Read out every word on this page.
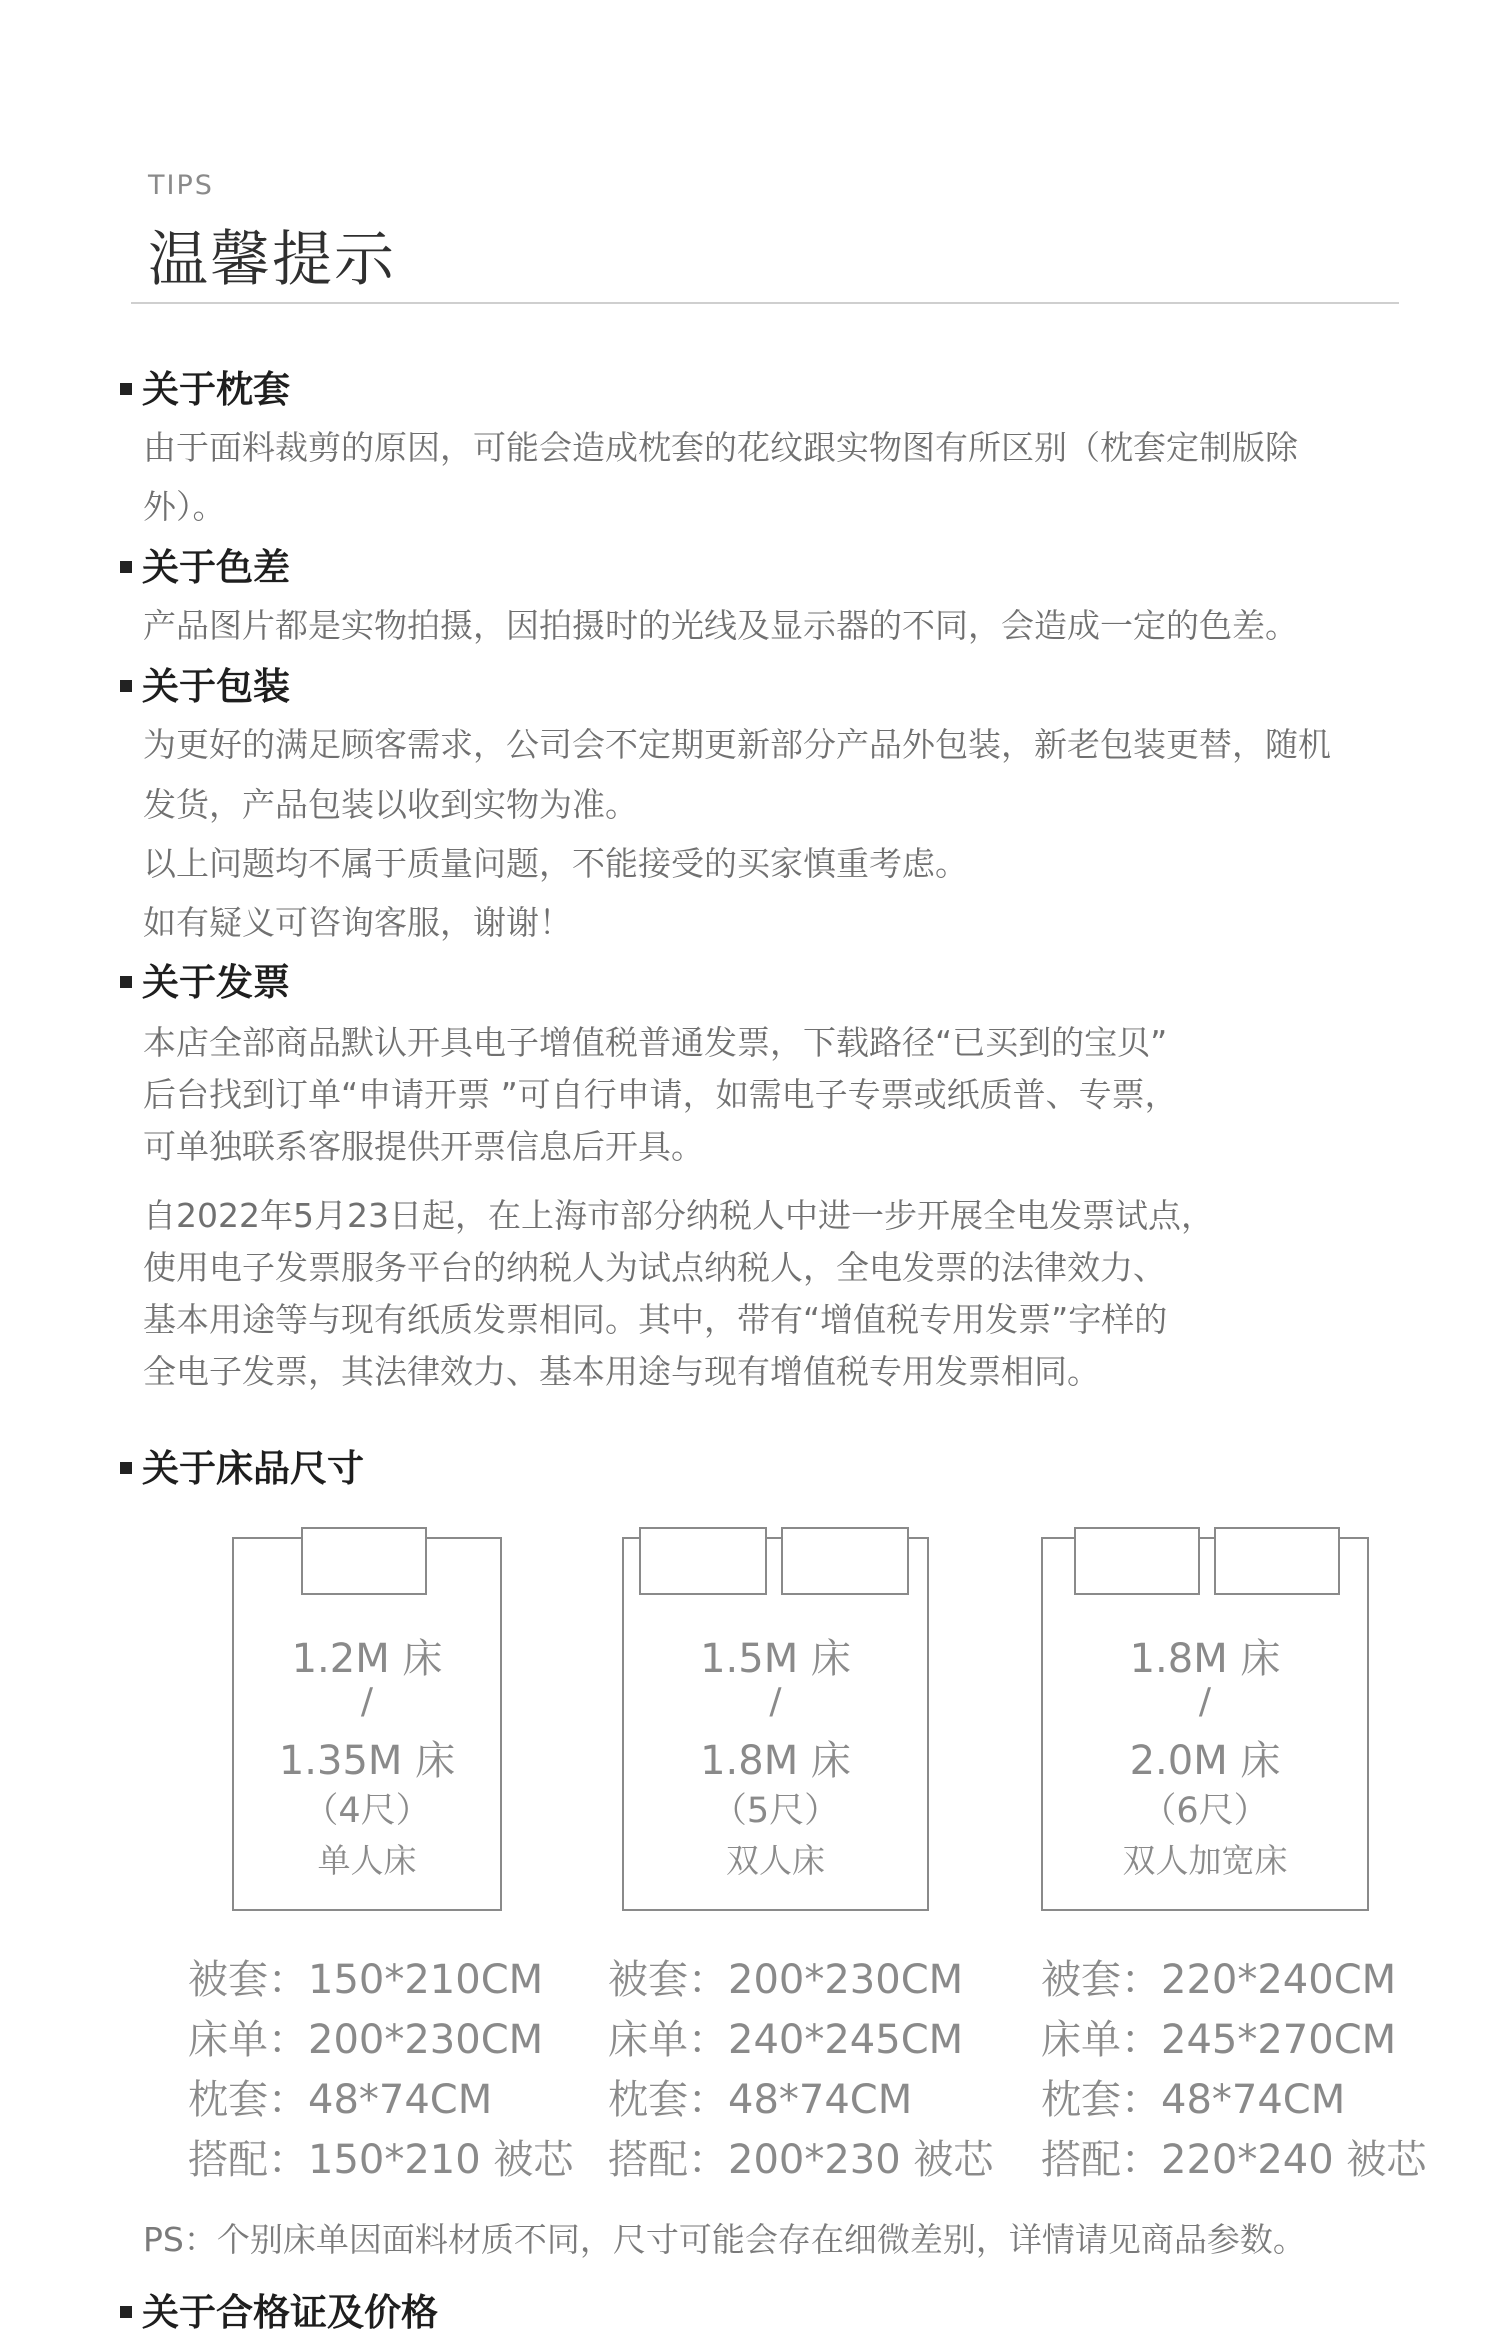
TIPS
温馨提示
关于枕套
由于面料裁剪的原因，可能会造成枕套的花纹跟实物图有所区别（枕套定制版除
外）。
关于色差
产品图片都是实物拍摄，因拍摄时的光线及显示器的不同，会造成一定的色差。
关于包装
为更好的满足顾客需求，公司会不定期更新部分产品外包装，新老包装更替，随机
发货，产品包装以收到实物为准。
以上问题均不属于质量问题，不能接受的买家慎重考虑。
如有疑义可咨询客服，谢谢！
关于发票
本店全部商品默认开具电子增值税普通发票，下载路径“已买到的宝贝”
后台找到订单“申请开票 ”可自行申请，如需电子专票或纸质普、专票，
可单独联系客服提供开票信息后开具。
自2022年5月23日起，在上海市部分纳税人中进一步开展全电发票试点，
使用电子发票服务平台的纳税人为试点纳税人，全电发票的法律效力、
基本用途等与现有纸质发票相同。其中，带有“增值税专用发票”字样的
全电子发票，其法律效力、基本用途与现有增值税专用发票相同。
关于床品尺寸
1.2M 床
/
1.35M 床
（4尺）
单人床
1.5M 床
/
1.8M 床
（5尺）
双人床
1.8M 床
/
2.0M 床
（6尺）
双人加宽床
被套：150*210CM
床单：200*230CM
枕套：48*74CM
搭配：150*210 被芯
被套：200*230CM
床单：240*245CM
枕套：48*74CM
搭配：200*230 被芯
被套：220*240CM
床单：245*270CM
枕套：48*74CM
搭配：220*240 被芯
PS：个别床单因面料材质不同，尺寸可能会存在细微差别，详情请见商品参数。
关于合格证及价格
